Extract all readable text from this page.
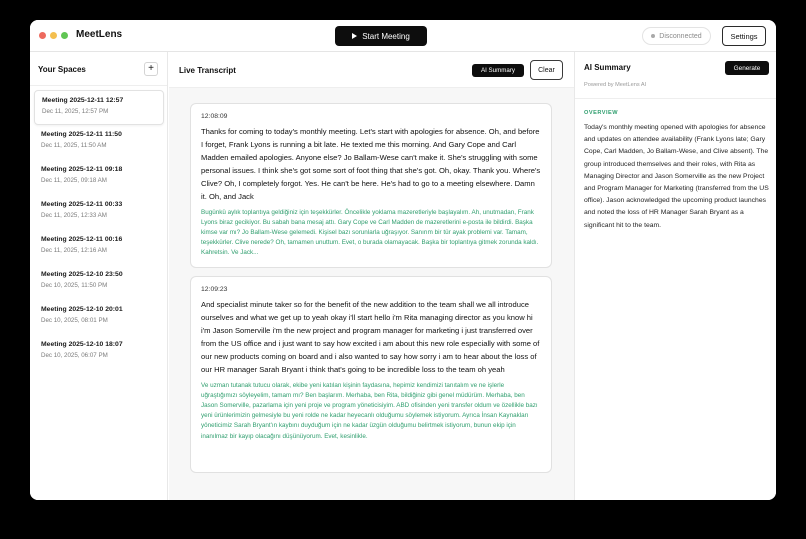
MeetLens	Start Meeting	Disconnected	Settings
Your Spaces	+
Meeting 2025-12-11 12:57
Dec 11, 2025, 12:57 PM
Meeting 2025-12-11 11:50
Dec 11, 2025, 11:50 AM
Meeting 2025-12-11 09:18
Dec 11, 2025, 09:18 AM
Meeting 2025-12-11 00:33
Dec 11, 2025, 12:33 AM
Meeting 2025-12-11 00:16
Dec 11, 2025, 12:16 AM
Meeting 2025-12-10 23:50
Dec 10, 2025, 11:50 PM
Meeting 2025-12-10 20:01
Dec 10, 2025, 08:01 PM
Meeting 2025-12-10 18:07
Dec 10, 2025, 06:07 PM
Live Transcript	AI Summary	Clear
12:08:09
Thanks for coming to today's monthly meeting. Let's start with apologies for absence. Oh, and before I forget, Frank Lyons is running a bit late. He texted me this morning. And Gary Cope and Carl Madden emailed apologies. Anyone else? Jo Ballam-Wese can't make it. She's struggling with some personal issues. I think she's got some sort of foot thing that she's got. Oh, okay. Thank you. Where's Clive? Oh, I completely forgot. Yes. He can't be here. He's had to go to a meeting elsewhere. Damn it. Oh, and Jack
Bugünkü aylık toplantıya geldiğiniz için teşekkürler. Öncelikle yoklama mazeretleriyle başlayalım. Ah, unutmadan, Frank Lyons biraz gecikiyor. Bu sabah bana mesaj attı. Gary Cope ve Carl Madden de mazeretlerini e-posta ile bildirdi. Başka kimse var mı? Jo Ballam-Wese gelemedi. Kişisel bazı sorunlarla uğraşıyor. Sanırım bir tür ayak problemi var. Tamam, teşekkürler. Clive nerede? Oh, tamamen unuttum. Evet, o burada olamayacak. Başka bir toplantıya gitmek zorunda kaldı. Kahretsin. Ve Jack...
12:09:23
And specialist minute taker so for the benefit of the new addition to the team shall we all introduce ourselves and what we get up to yeah okay i'll start hello i'm Rita managing director as you know hi i'm Jason Somerville i'm the new project and program manager for marketing i just transferred over from the US office and i just want to say how excited i am about this new role especially with some of our new products coming on board and i also wanted to say how sorry i am to hear about the loss of our HR manager Sarah Bryant i think that's going to be incredible loss to the team oh yeah
Ve uzman tutanak tutucu olarak, ekibe yeni katılan kişinin faydasına, hepimiz kendimizi tanıtalım ve ne işlerle uğraştığımızı söyleyelim, tamam mı? Ben başlarım. Merhaba, ben Rita, bildiğiniz gibi genel müdürüm. Merhaba, ben Jason Somerville, pazarlama için yeni proje ve program yöneticisiyim. ABD ofisinden yeni transfer oldum ve özellikle bazı yeni ürünlerimizin gelmesiyle bu yeni rolde ne kadar heyecanlı olduğumu söylemek istiyorum. Ayrıca İnsan Kaynakları yöneticimiz Sarah Bryant'ın kaybını duyduğum için ne kadar üzgün olduğumu belirtmek istiyorum, bunun ekip için inanılmaz bir kayıp olacağını düşünüyorum. Evet, kesinlikle.
AI Summary
Powered by MeetLens AI
Generate
OVERVIEW
Today's monthly meeting opened with apologies for absence and updates on attendee availability (Frank Lyons late; Gary Cope, Carl Madden, Jo Ballam-Wese, and Clive absent). The group introduced themselves and their roles, with Rita as Managing Director and Jason Somerville as the new Project and Program Manager for Marketing (transferred from the US office). Jason acknowledged the upcoming product launches and noted the loss of HR Manager Sarah Bryant as a significant hit to the team.
